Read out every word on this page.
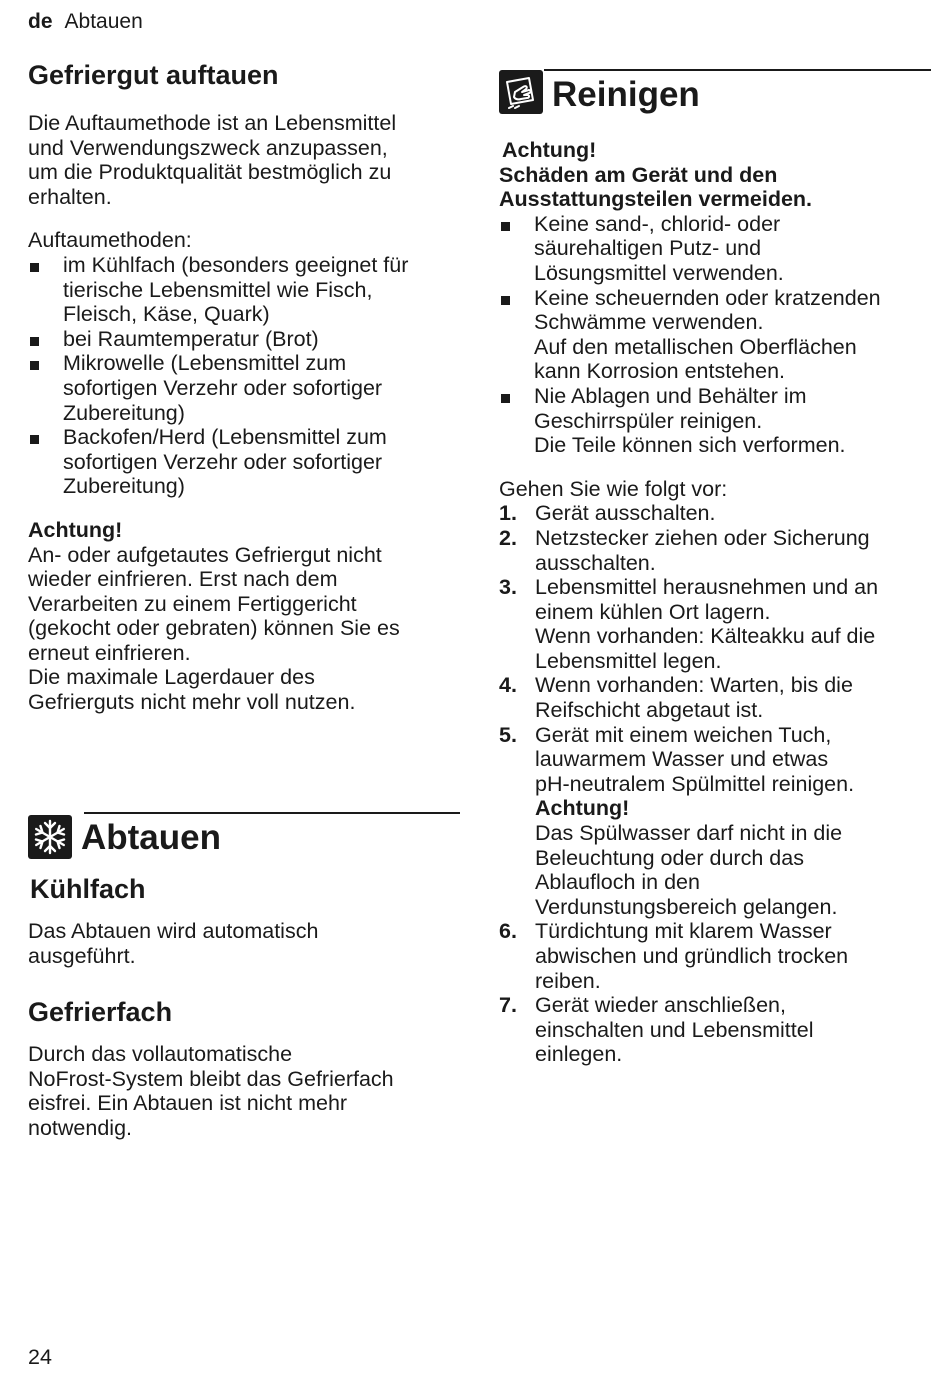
de Abtauen
Gefriergut auftauen
Die Auftaumethode ist an Lebensmittel
und Verwendungszweck anzupassen,
um die Produktqualität bestmöglich zu
erhalten.
Auftaumethoden:
im Kühlfach (besonders geeignet für
tierische Lebensmittel wie Fisch,
Fleisch, Käse, Quark)
bei Raumtemperatur (Brot)
Mikrowelle (Lebensmittel zum
sofortigen Verzehr oder sofortiger
Zubereitung)
Backofen/Herd (Lebensmittel zum
sofortigen Verzehr oder sofortiger
Zubereitung)
Achtung!
An- oder aufgetautes Gefriergut nicht
wieder einfrieren. Erst nach dem
Verarbeiten zu einem Fertiggericht
(gekocht oder gebraten) können Sie es
erneut einfrieren.
Die maximale Lagerdauer des
Gefrierguts nicht mehr voll nutzen.
Abtauen
Kühlfach
Das Abtauen wird automatisch
ausgeführt.
Gefrierfach
Durch das vollautomatische
NoFrost-System bleibt das Gefrierfach
eisfrei. Ein Abtauen ist nicht mehr
notwendig.
Reinigen
Achtung!
Schäden am Gerät und den
Ausstattungsteilen vermeiden.
Keine sand-, chlorid- oder
säurehaltigen Putz- und
Lösungsmittel verwenden.
Keine scheuernden oder kratzenden
Schwämme verwenden.
Auf den metallischen Oberflächen
kann Korrosion entstehen.
Nie Ablagen und Behälter im
Geschirrspüler reinigen.
Die Teile können sich verformen.
Gehen Sie wie folgt vor:
1. Gerät ausschalten.
2. Netzstecker ziehen oder Sicherung
ausschalten.
3. Lebensmittel herausnehmen und an
einem kühlen Ort lagern.
Wenn vorhanden: Kälteakku auf die
Lebensmittel legen.
4. Wenn vorhanden: Warten, bis die
Reifschicht abgetaut ist.
5. Gerät mit einem weichen Tuch,
lauwarmem Wasser und etwas
pH-neutralem Spülmittel reinigen.
Achtung!
Das Spülwasser darf nicht in die
Beleuchtung oder durch das
Ablaufloch in den
Verdunstungsbereich gelangen.
6. Türdichtung mit klarem Wasser
abwischen und gründlich trocken
reiben.
7. Gerät wieder anschließen,
einschalten und Lebensmittel
einlegen.
24
